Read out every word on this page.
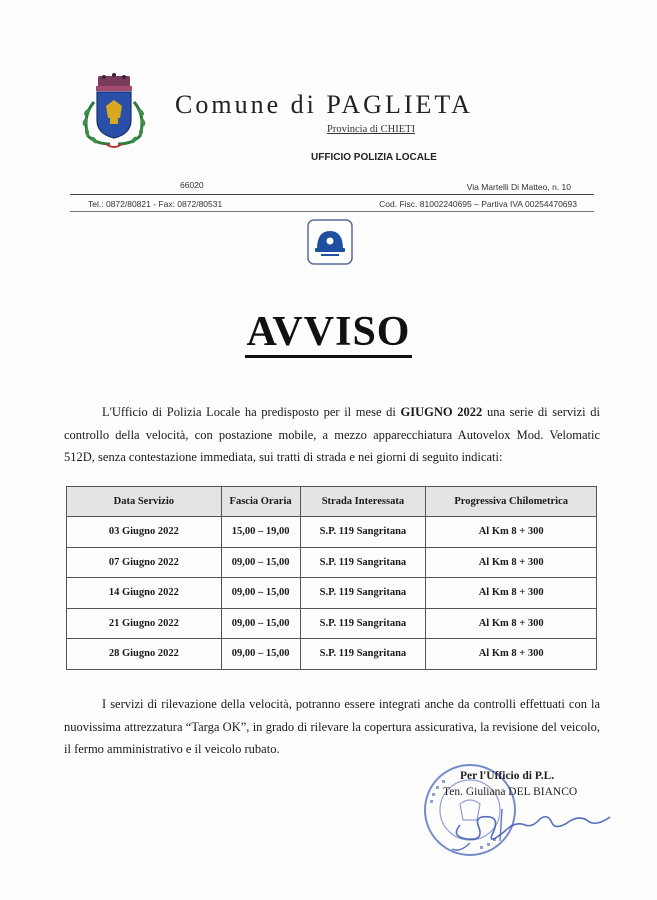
Comune di PAGLIETA
Provincia di CHIETI
UFFICIO POLIZIA LOCALE
66020	Via Martelli Di Matteo, n. 10
Tel.: 0872/80821 - Fax: 0872/80531	Cod. Fisc. 81002240695 – Partiva IVA 00254470693
AVVISO
L'Ufficio di Polizia Locale ha predisposto per il mese di GIUGNO 2022 una serie di servizi di controllo della velocità, con postazione mobile, a mezzo apparecchiatura Autovelox Mod. Velomatic 512D, senza contestazione immediata, sui tratti di strada e nei giorni di seguito indicati:
Data Servizio	Fascia Oraria	Strada Interessata	Progressiva Chilometrica
03 Giugno 2022	15,00 – 19,00	S.P. 119 Sangritana	Al Km 8 + 300
07 Giugno 2022	09,00 – 15,00	S.P. 119 Sangritana	Al Km 8 + 300
14 Giugno 2022	09,00 – 15,00	S.P. 119 Sangritana	Al Km 8 + 300
21 Giugno 2022	09,00 – 15,00	S.P. 119 Sangritana	Al Km 8 + 300
28 Giugno 2022	09,00 – 15,00	S.P. 119 Sangritana	Al Km 8 + 300
I servizi di rilevazione della velocità, potranno essere integrati anche da controlli effettuati con la nuovissima attrezzatura “Targa OK”, in grado di rilevare la copertura assicurativa, la revisione del veicolo, il fermo amministrativo e il veicolo rubato.
Per l'Ufficio di P.L.
Ten. Giuliana DEL BIANCO
